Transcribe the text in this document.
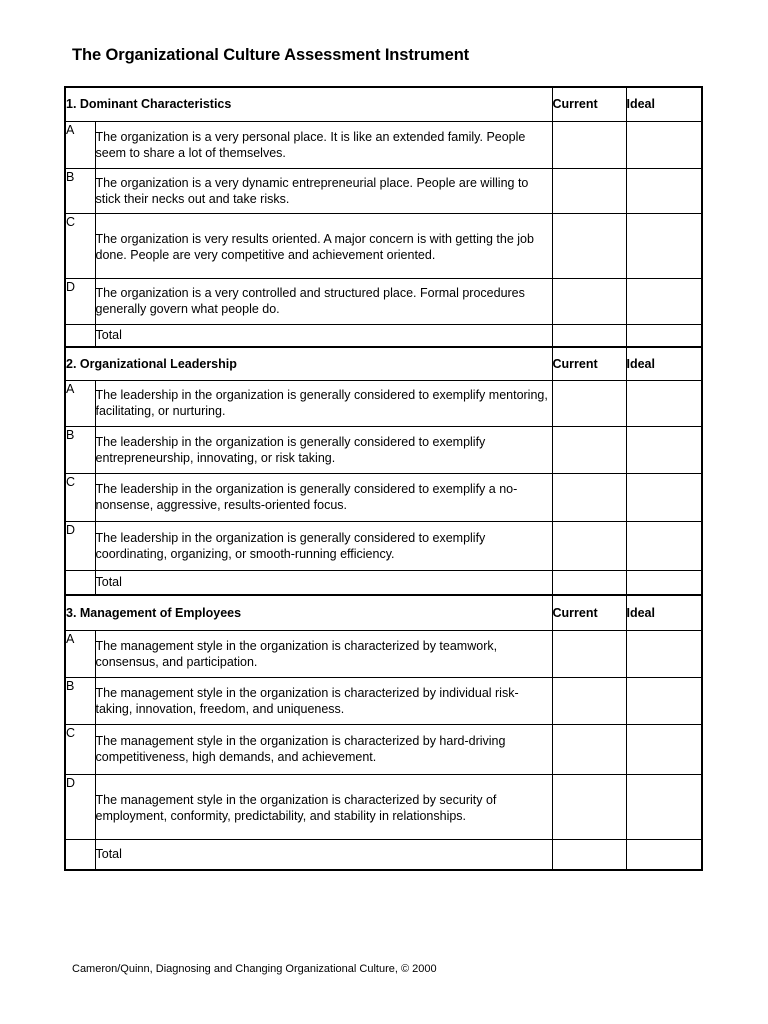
The Organizational Culture Assessment Instrument
1. Dominant Characteristics		Current	Ideal
A	The organization is a very personal place. It is like an extended family. People seem to share a lot of themselves.		
B	The organization is a very dynamic entrepreneurial place. People are willing to stick their necks out and take risks.		
C	The organization is very results oriented. A major concern is with getting the job done. People are very competitive and achievement oriented.		
D	The organization is a very controlled and structured place. Formal procedures generally govern what people do.		
	Total		
2. Organizational Leadership		Current	Ideal
A	The leadership in the organization is generally considered to exemplify mentoring, facilitating, or nurturing.		
B	The leadership in the organization is generally considered to exemplify entrepreneurship, innovating, or risk taking.		
C	The leadership in the organization is generally considered to exemplify a no-nonsense, aggressive, results-oriented focus.		
D	The leadership in the organization is generally considered to exemplify coordinating, organizing, or smooth-running efficiency.		
	Total		
3. Management of Employees		Current	Ideal
A	The management style in the organization is characterized by teamwork, consensus, and participation.		
B	The management style in the organization is characterized by individual risk-taking, innovation, freedom, and uniqueness.		
C	The management style in the organization is characterized by hard-driving competitiveness, high demands, and achievement.		
D	The management style in the organization is characterized by security of employment, conformity, predictability, and stability in relationships.		
	Total		
Cameron/Quinn, Diagnosing and Changing Organizational Culture, © 2000
